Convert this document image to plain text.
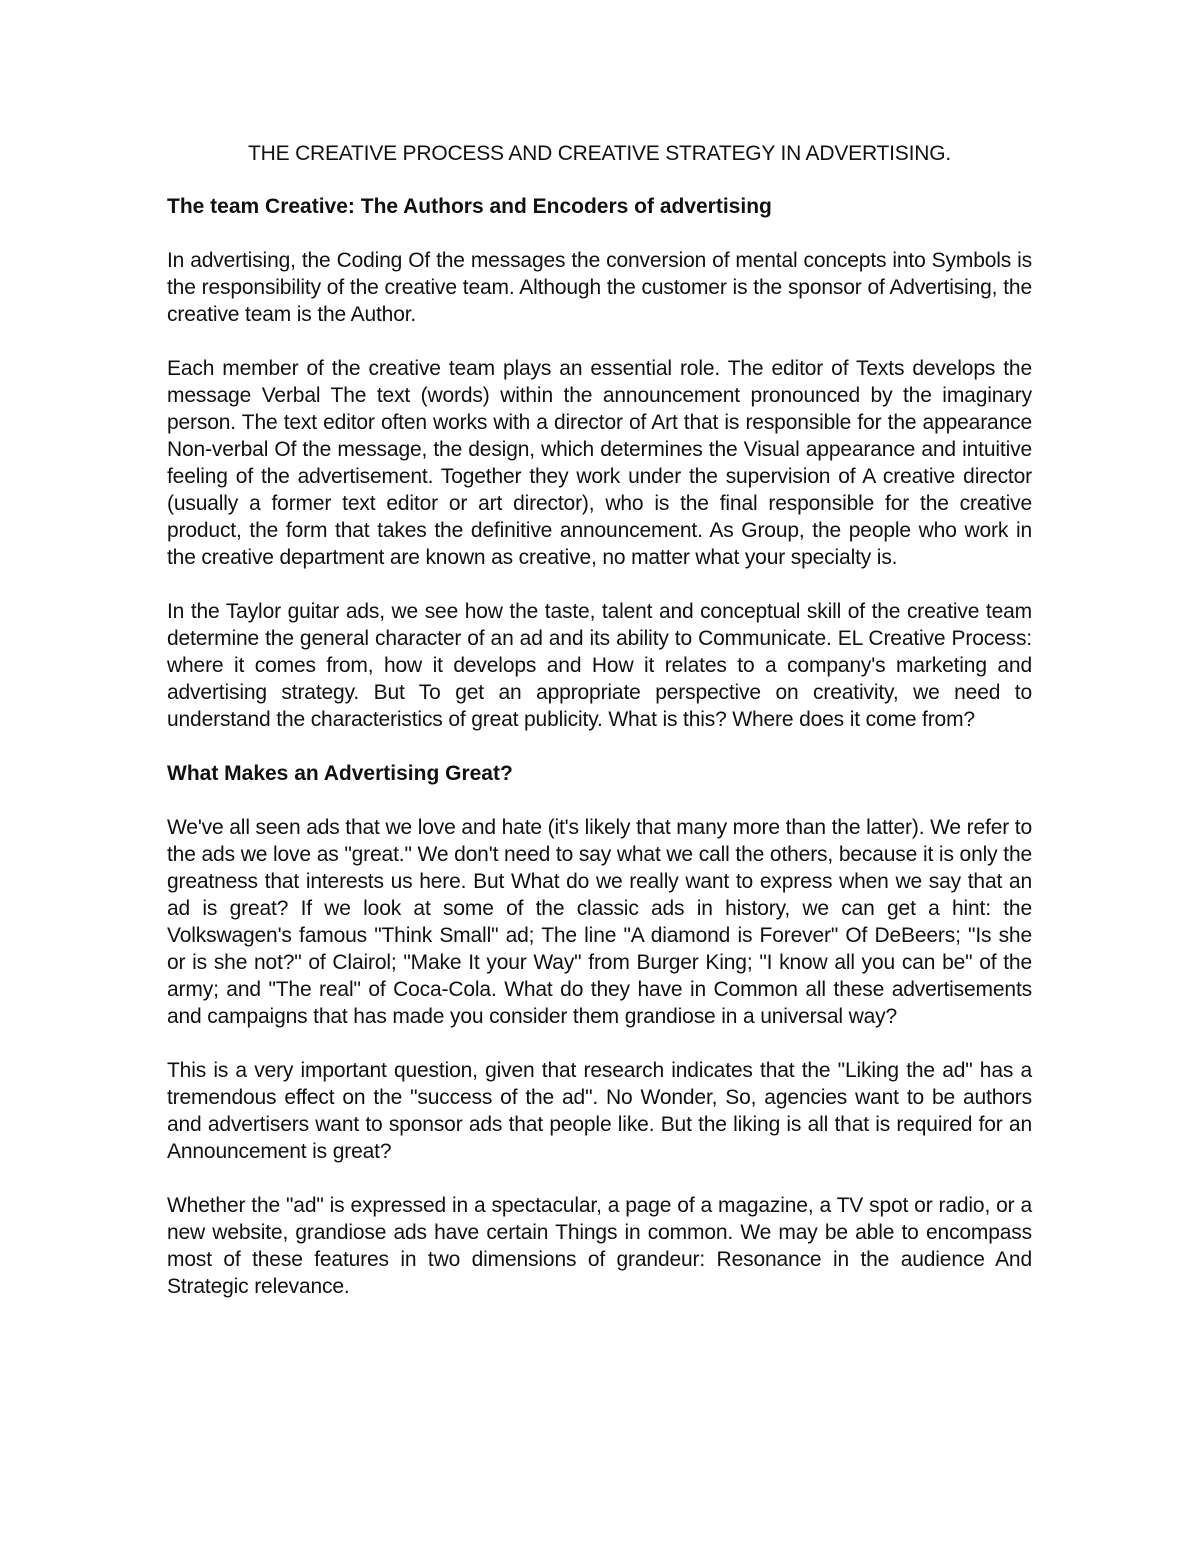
THE CREATIVE PROCESS AND CREATIVE STRATEGY IN ADVERTISING.
The team Creative: The Authors and Encoders of advertising

In advertising, the Coding Of the messages the conversion of mental concepts into Symbols is the responsibility of the creative team. Although the customer is the sponsor of Advertising, the creative team is the Author.

Each member of the creative team plays an essential role. The editor of Texts develops the message Verbal The text (words) within the announcement pronounced by the imaginary person. The text editor often works with a director of Art that is responsible for the appearance Non-verbal Of the message, the design, which determines the Visual appearance and intuitive feeling of the advertisement. Together they work under the supervision of A creative director (usually a former text editor or art director), who is the final responsible for the creative product, the form that takes the definitive announcement. As Group, the people who work in the creative department are known as creative, no matter what your specialty is.

In the Taylor guitar ads, we see how the taste, talent and conceptual skill of the creative team determine the general character of an ad and its ability to Communicate. EL Creative Process: where it comes from, how it develops and How it relates to a company's marketing and advertising strategy. But To get an appropriate perspective on creativity, we need to understand the characteristics of great publicity. What is this? Where does it come from?

What Makes an Advertising Great?

We've all seen ads that we love and hate (it's likely that many more than the latter). We refer to the ads we love as "great." We don't need to say what we call the others, because it is only the greatness that interests us here. But What do we really want to express when we say that an ad is great? If we look at some of the classic ads in history, we can get a hint: the Volkswagen's famous "Think Small" ad; The line "A diamond is Forever" Of DeBeers; "Is she or is she not?" of Clairol; "Make It your Way" from Burger King; "I know all you can be" of the army; and "The real" of Coca-Cola. What do they have in Common all these advertisements and campaigns that has made you consider them grandiose in a universal way?

This is a very important question, given that research indicates that the "Liking the ad" has a tremendous effect on the "success of the ad". No Wonder, So, agencies want to be authors and advertisers want to sponsor ads that people like. But the liking is all that is required for an Announcement is great?

Whether the "ad" is expressed in a spectacular, a page of a magazine, a TV spot or radio, or a new website, grandiose ads have certain Things in common. We may be able to encompass most of these features in two dimensions of grandeur: Resonance in the audience And Strategic relevance.
